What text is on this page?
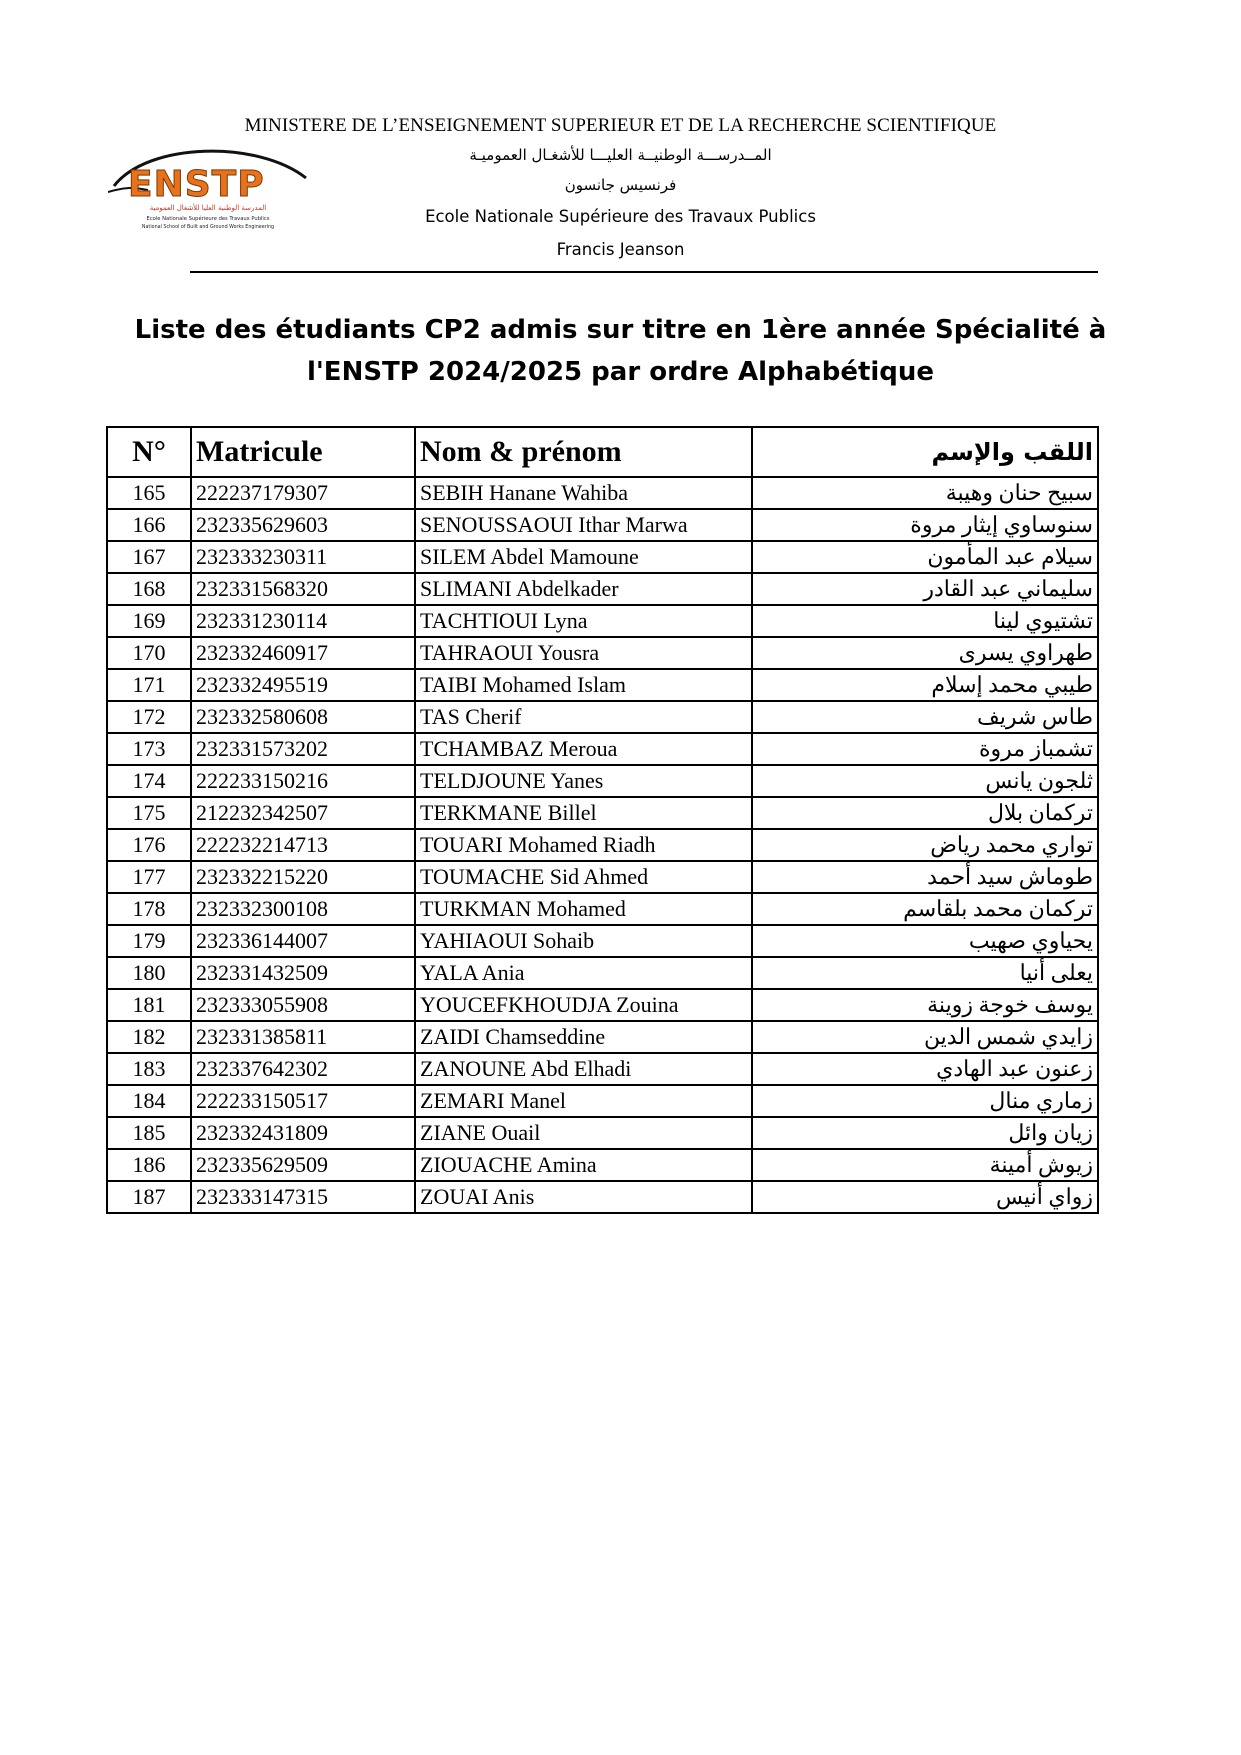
MINISTERE DE L’ENSEIGNEMENT SUPERIEUR ET DE LA RECHERCHE SCIENTIFIQUE
ENSTP
المدرسة الوطنية العليا للأشغال العمومية
Ecole Nationale Supérieure des Travaux Publics
National School of Built and Ground Works Engineering
المــدرســـة الوطنيــة العليـــا للأشغـال العموميـة
فرنسيس جانسون
Ecole Nationale Supérieure des Travaux Publics
Francis Jeanson
Liste des étudiants CP2 admis sur titre en 1ère année Spécialité à
l'ENSTP 2024/2025 par ordre Alphabétique
N°	Matricule	Nom & prénom	اللقب والإسم
165	222237179307	SEBIH Hanane Wahiba	سبيح حنان وهيبة
166	232335629603	SENOUSSAOUI Ithar Marwa	سنوساوي إيثار مروة
167	232333230311	SILEM Abdel Mamoune	سيلام عبد المأمون
168	232331568320	SLIMANI Abdelkader	سليماني عبد القادر
169	232331230114	TACHTIOUI Lyna	تشتيوي لينا
170	232332460917	TAHRAOUI Yousra	طهراوي يسرى
171	232332495519	TAIBI Mohamed Islam	طيبي محمد إسلام
172	232332580608	TAS Cherif	طاس شريف
173	232331573202	TCHAMBAZ Meroua	تشمباز مروة
174	222233150216	TELDJOUNE Yanes	ثلجون يانس
175	212232342507	TERKMANE Billel	تركمان بلال
176	222232214713	TOUARI Mohamed Riadh	تواري محمد رياض
177	232332215220	TOUMACHE Sid Ahmed	طوماش سيد أحمد
178	232332300108	TURKMAN Mohamed	تركمان محمد بلقاسم
179	232336144007	YAHIAOUI Sohaib	يحياوي صهيب
180	232331432509	YALA Ania	يعلى أنيا
181	232333055908	YOUCEFKHOUDJA Zouina	يوسف خوجة زوينة
182	232331385811	ZAIDI Chamseddine	زايدي شمس الدين
183	232337642302	ZANOUNE Abd Elhadi	زعنون عبد الهادي
184	222233150517	ZEMARI Manel	زماري منال
185	232332431809	ZIANE Ouail	زيان وائل
186	232335629509	ZIOUACHE Amina	زيوش أمينة
187	232333147315	ZOUAI Anis	زواي أنيس
